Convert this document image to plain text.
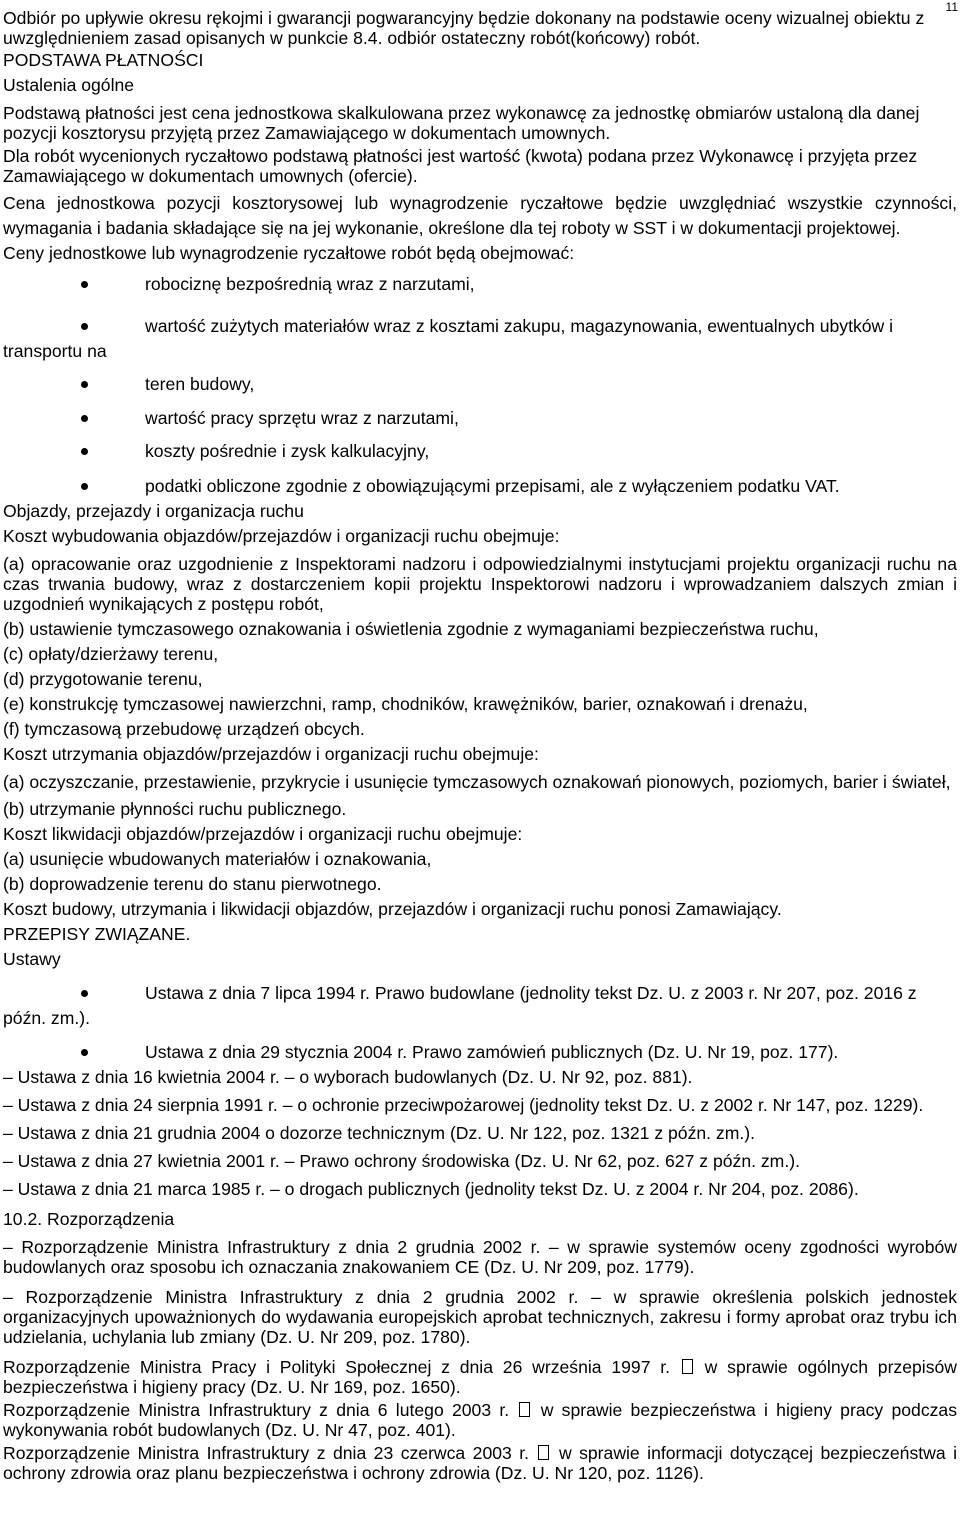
11

Odbiór po upływie okresu rękojmi i gwarancji pogwarancyjny będzie dokonany na podstawie oceny wizualnej obiektu z uwzględnieniem zasad opisanych w punkcie 8.4. odbiór ostateczny robót(końcowy) robót.

PODSTAWA PŁATNOŚCI

Ustalenia ogólne

Podstawą płatności jest cena jednostkowa skalkulowana przez wykonawcę za jednostkę obmiarów ustaloną dla danej pozycji kosztorysu przyjętą przez Zamawiającego w dokumentach umownych.

Dla robót wycenionych ryczałtowo podstawą płatności jest wartość (kwota) podana przez Wykonawcę i przyjęta przez Zamawiającego w dokumentach umownych (ofercie).

Cena jednostkowa pozycji kosztorysowej lub wynagrodzenie ryczałtowe będzie uwzględniać wszystkie czynności, wymagania i badania składające się na jej wykonanie, określone dla tej roboty w SST i w dokumentacji projektowej.

Ceny jednostkowe lub wynagrodzenie ryczałtowe robót będą obejmować:

robociznę bezpośrednią wraz z narzutami,
wartość zużytych materiałów wraz z kosztami zakupu, magazynowania, ewentualnych ubytków i

transportu na

teren budowy,
wartość pracy sprzętu wraz z narzutami,
koszty pośrednie i zysk kalkulacyjny,
podatki obliczone zgodnie z obowiązującymi przepisami, ale z wyłączeniem podatku VAT.

Objazdy, przejazdy i organizacja ruchu

Koszt wybudowania objazdów/przejazdów i organizacji ruchu obejmuje:

(a) opracowanie oraz uzgodnienie z Inspektorami nadzoru i odpowiedzialnymi instytucjami projektu organizacji ruchu na czas trwania budowy, wraz z dostarczeniem kopii projektu Inspektorowi nadzoru i wprowadzaniem dalszych zmian i uzgodnień wynikających z postępu robót,

(b) ustawienie tymczasowego oznakowania i oświetlenia zgodnie z wymaganiami bezpieczeństwa ruchu,

(c) opłaty/dzierżawy terenu,

(d) przygotowanie terenu,

(e) konstrukcję tymczasowej nawierzchni, ramp, chodników, krawężników, barier, oznakowań i drenażu,

(f) tymczasową przebudowę urządzeń obcych.

Koszt utrzymania objazdów/przejazdów i organizacji ruchu obejmuje:

(a) oczyszczanie, przestawienie, przykrycie i usunięcie tymczasowych oznakowań pionowych, poziomych, barier i świateł,

(b) utrzymanie płynności ruchu publicznego.

Koszt likwidacji objazdów/przejazdów i organizacji ruchu obejmuje:

(a) usunięcie wbudowanych materiałów i oznakowania,

(b) doprowadzenie terenu do stanu pierwotnego.

Koszt budowy, utrzymania i likwidacji objazdów, przejazdów i organizacji ruchu ponosi Zamawiający.

PRZEPISY ZWIĄZANE.

Ustawy

Ustawa z dnia 7 lipca 1994 r. Prawo budowlane (jednolity tekst Dz. U. z 2003 r. Nr 207, poz. 2016 z

późn. zm.).

Ustawa z dnia 29 stycznia 2004 r. Prawo zamówień publicznych (Dz. U. Nr 19, poz. 177).

– Ustawa z dnia 16 kwietnia 2004 r. – o wyborach budowlanych (Dz. U. Nr 92, poz. 881).

– Ustawa z dnia 24 sierpnia 1991 r. – o ochronie przeciwpożarowej (jednolity tekst Dz. U. z 2002 r. Nr 147, poz. 1229).

– Ustawa z dnia 21 grudnia 2004 o dozorze technicznym (Dz. U. Nr 122, poz. 1321 z późn. zm.).

– Ustawa z dnia 27 kwietnia 2001 r. – Prawo ochrony środowiska (Dz. U. Nr 62, poz. 627 z późn. zm.).

– Ustawa z dnia 21 marca 1985 r. – o drogach publicznych (jednolity tekst Dz. U. z 2004 r. Nr 204, poz. 2086).

10.2. Rozporządzenia

– Rozporządzenie Ministra Infrastruktury z dnia 2 grudnia 2002 r. – w sprawie systemów oceny zgodności wyrobów budowlanych oraz sposobu ich oznaczania znakowaniem CE (Dz. U. Nr 209, poz. 1779).

– Rozporządzenie Ministra Infrastruktury z dnia 2 grudnia 2002 r. – w sprawie określenia polskich jednostek organizacyjnych upoważnionych do wydawania europejskich aprobat technicznych, zakresu i formy aprobat oraz trybu ich udzielania, uchylania lub zmiany (Dz. U. Nr 209, poz. 1780).

Rozporządzenie Ministra Pracy i Polityki Społecznej z dnia 26 września 1997 r. w sprawie ogólnych przepisów bezpieczeństwa i higieny pracy (Dz. U. Nr 169, poz. 1650).

Rozporządzenie Ministra Infrastruktury z dnia 6 lutego 2003 r. w sprawie bezpieczeństwa i higieny pracy podczas wykonywania robót budowlanych (Dz. U. Nr 47, poz. 401).

Rozporządzenie Ministra Infrastruktury z dnia 23 czerwca 2003 r. w sprawie informacji dotyczącej bezpieczeństwa i ochrony zdrowia oraz planu bezpieczeństwa i ochrony zdrowia (Dz. U. Nr 120, poz. 1126).
